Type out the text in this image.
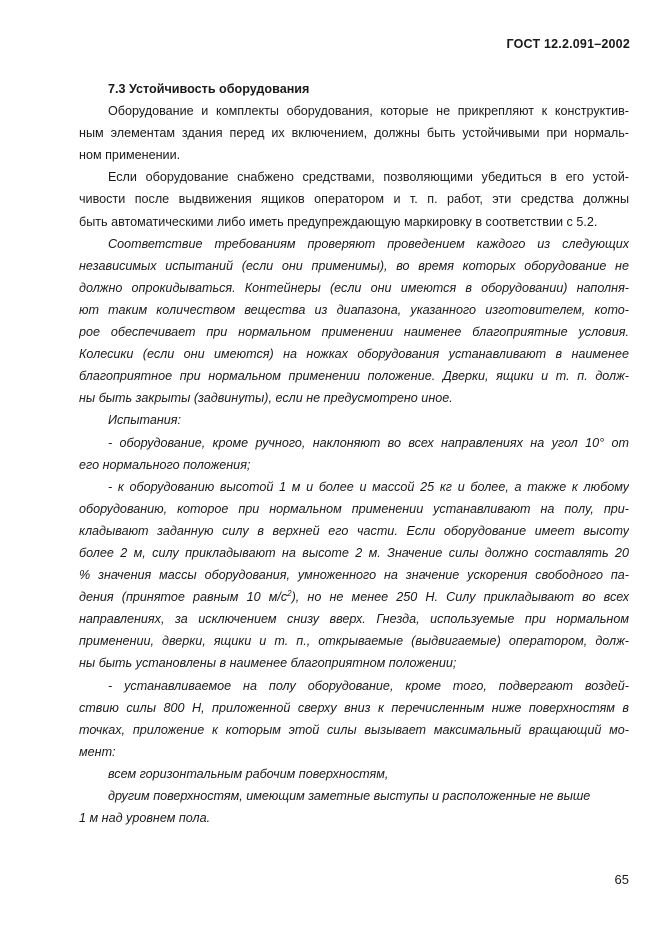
ГОСТ 12.2.091–2002
7.3 Устойчивость оборудования
Оборудование и комплекты оборудования, которые не прикрепляют к конструктив-
ным элементам здания перед их включением, должны быть устойчивыми при нормаль-
ном применении.
Если оборудование снабжено средствами, позволяющими убедиться в его устой-
чивости после выдвижения ящиков оператором и т. п. работ, эти средства должны
быть автоматическими либо иметь предупреждающую маркировку в соответствии с 5.2.
Соответствие требованиям проверяют проведением каждого из следующих
независимых испытаний (если они применимы), во время которых оборудование не
должно опрокидываться. Контейнеры (если они имеются в оборудовании) наполня-
ют таким количеством вещества из диапазона, указанного изготовителем, кото-
рое обеспечивает при нормальном применении наименее благоприятные условия.
Колесики (если они имеются) на ножках оборудования устанавливают в наименее
благоприятное при нормальном применении положение. Дверки, ящики и т. п. долж-
ны быть закрыты (задвинуты), если не предусмотрено иное.
Испытания:
- оборудование, кроме ручного, наклоняют во всех направлениях на угол 10° от
его нормального положения;
- к оборудованию высотой 1 м и более и массой 25 кг и более, а также к любому
оборудованию, которое при нормальном применении устанавливают на полу, при-
кладывают заданную силу в верхней его части. Если оборудование имеет высоту
более 2 м, силу прикладывают на высоте 2 м. Значение силы должно составлять 20
% значения массы оборудования, умноженного на значение ускорения свободного па-
дения (принятое равным 10 $м/с^2$), но не менее 250 Н. Силу прикладывают во всех
направлениях, за исключением снизу вверх. Гнезда, используемые при нормальном
применении, дверки, ящики и т. п., открываемые (выдвигаемые) оператором, долж-
ны быть установлены в наименее благоприятном положении;
- устанавливаемое на полу оборудование, кроме того, подвергают воздей-
ствию силы 800 Н, приложенной сверху вниз к перечисленным ниже поверхностям в
точках, приложение к которым этой силы вызывает максимальный вращающий мо-
мент:
всем горизонтальным рабочим поверхностям,
другим поверхностям, имеющим заметные выступы и расположенные не выше
1 м над уровнем пола.
65
